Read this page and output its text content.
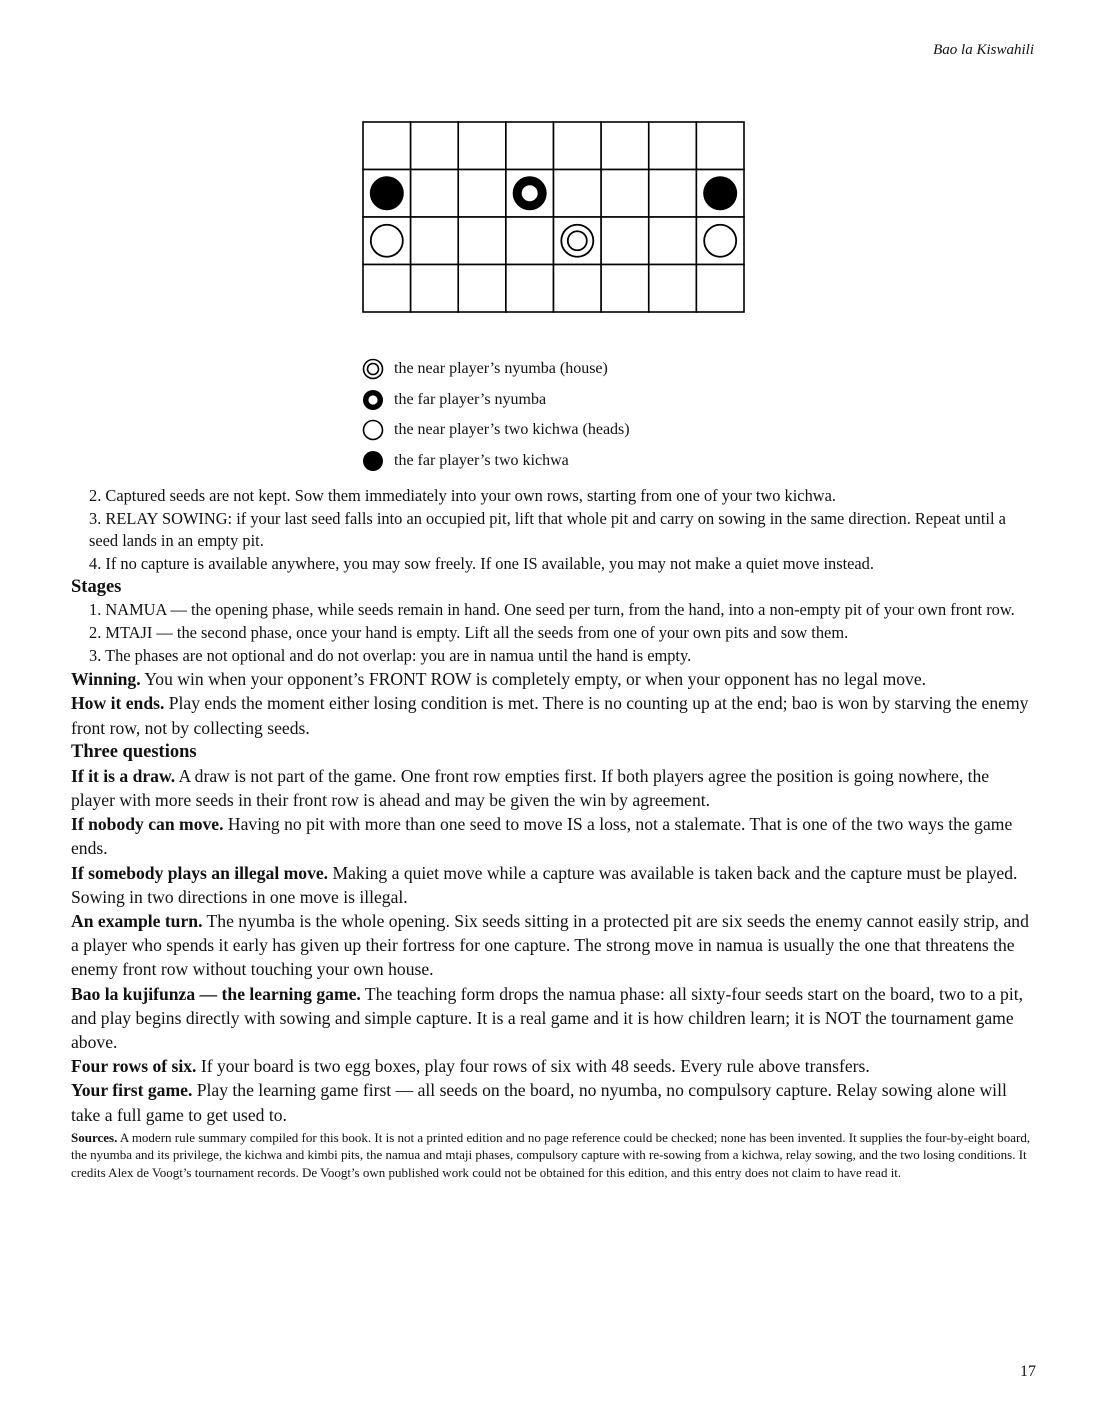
Bao la Kiswahili
the near player’s nyumba (house)
the far player’s nyumba
the near player’s two kichwa (heads)
the far player’s two kichwa
2. Captured seeds are not kept. Sow them immediately into your own rows, starting from one of your two kichwa.
3. RELAY SOWING: if your last seed falls into an occupied pit, lift that whole pit and carry on sowing in the same direction. Repeat until a seed lands in an empty pit.
4. If no capture is available anywhere, you may sow freely. If one IS available, you may not make a quiet move instead.
Stages
1. NAMUA — the opening phase, while seeds remain in hand. One seed per turn, from the hand, into a non-empty pit of your own front row.
2. MTAJI — the second phase, once your hand is empty. Lift all the seeds from one of your own pits and sow them.
3. The phases are not optional and do not overlap: you are in namua until the hand is empty.

Winning. You win when your opponent’s FRONT ROW is completely empty, or when your opponent has no legal move.

How it ends. Play ends the moment either losing condition is met. There is no counting up at the end; bao is won by starving the enemy front row, not by collecting seeds.

Three questions

If it is a draw. A draw is not part of the game. One front row empties first. If both players agree the position is going nowhere, the player with more seeds in their front row is ahead and may be given the win by agreement.

If nobody can move. Having no pit with more than one seed to move IS a loss, not a stalemate. That is one of the two ways the game ends.

If somebody plays an illegal move. Making a quiet move while a capture was available is taken back and the capture must be played. Sowing in two directions in one move is illegal.

An example turn. The nyumba is the whole opening. Six seeds sitting in a protected pit are six seeds the enemy cannot easily strip, and a player who spends it early has given up their fortress for one capture. The strong move in namua is usually the one that threatens the enemy front row without touching your own house.

Bao la kujifunza — the learning game. The teaching form drops the namua phase: all sixty-four seeds start on the board, two to a pit, and play begins directly with sowing and simple capture. It is a real game and it is how children learn; it is NOT the tournament game above.

Four rows of six. If your board is two egg boxes, play four rows of six with 48 seeds. Every rule above transfers.

Your first game. Play the learning game first — all seeds on the board, no nyumba, no compulsory capture. Relay sowing alone will take a full game to get used to.

Sources. A modern rule summary compiled for this book. It is not a printed edition and no page reference could be checked; none has been invented. It supplies the four-by-eight board, the nyumba and its privilege, the kichwa and kimbi pits, the namua and mtaji phases, compulsory capture with re-sowing from a kichwa, relay sowing, and the two losing conditions. It credits Alex de Voogt’s tournament records. De Voogt’s own published work could not be obtained for this edition, and this entry does not claim to have read it.

17
